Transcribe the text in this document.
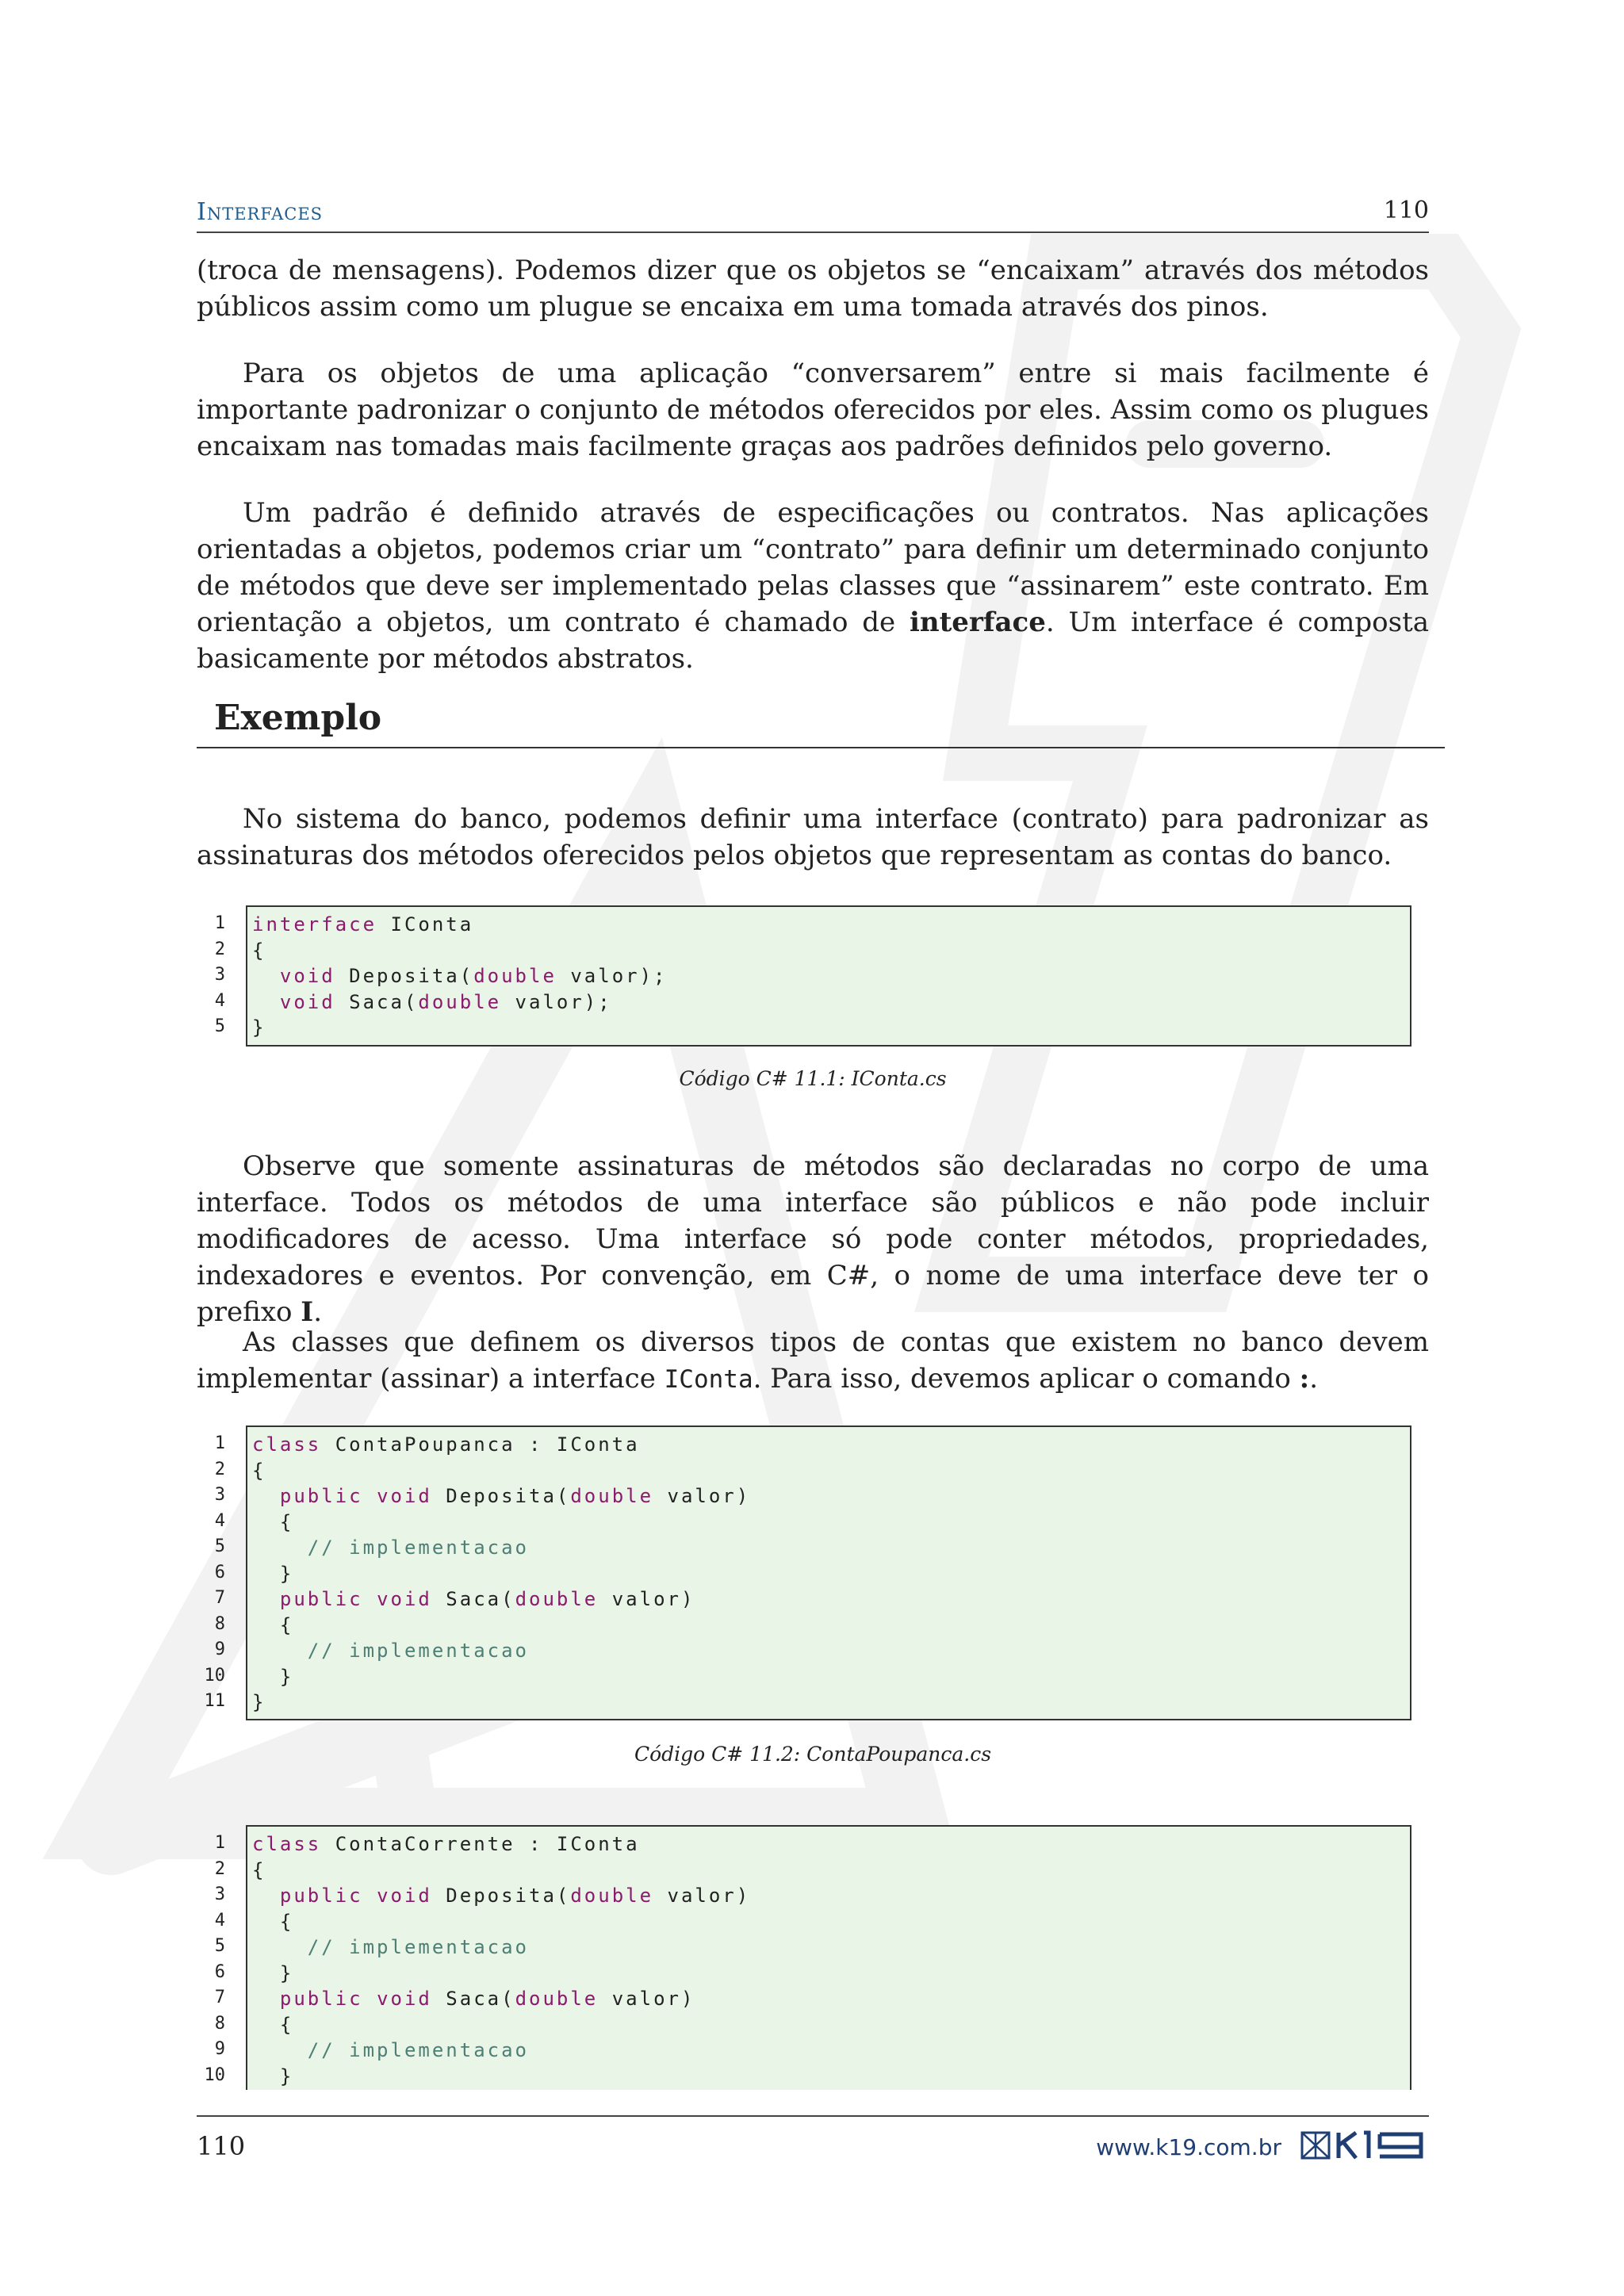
Interfaces	110

(troca de mensagens). Podemos dizer que os objetos se “encaixam” através dos métodos públicos assim como um plugue se encaixa em uma tomada através dos pinos.

Para os objetos de uma aplicação “conversarem” entre si mais facilmente é importante padronizar o conjunto de métodos oferecidos por eles. Assim como os plugues encaixam nas tomadas mais facilmente graças aos padrões definidos pelo governo.

Um padrão é definido através de especificações ou contratos. Nas aplicações orientadas a objetos, podemos criar um “contrato” para definir um determinado conjunto de métodos que deve ser implementado pelas classes que “assinarem” este contrato. Em orientação a objetos, um contrato é chamado de interface. Um interface é composta basicamente por métodos abstratos.

Exemplo

No sistema do banco, podemos definir uma interface (contrato) para padronizar as assinaturas dos métodos oferecidos pelos objetos que representam as contas do banco.

1 interface IConta
2 {
3	void Deposita(double valor);
4	void Saca(double valor);
5 }
Código C# 11.1: IConta.cs

Observe que somente assinaturas de métodos são declaradas no corpo de uma interface. Todos os métodos de uma interface são públicos e não pode incluir modificadores de acesso. Uma interface só pode conter métodos, propriedades, indexadores e eventos. Por convenção, em C#, o nome de uma interface deve ter o prefixo I.

As classes que definem os diversos tipos de contas que existem no banco devem implementar (assinar) a interface IConta. Para isso, devemos aplicar o comando :.

1 class ContaPoupanca : IConta
2 {
3	public void Deposita(double valor)
4 {
5	// implementacao
6 }
7	public void Saca(double valor)
8 {
9	// implementacao
10 }
11 }
Código C# 11.2: ContaPoupanca.cs
1 class ContaCorrente : IConta
2 {
3	public void Deposita(double valor)
4 {
5	// implementacao
6 }
7	public void Saca(double valor)
8 {
9	// implementacao
10 }
110	www.k19.com.br
